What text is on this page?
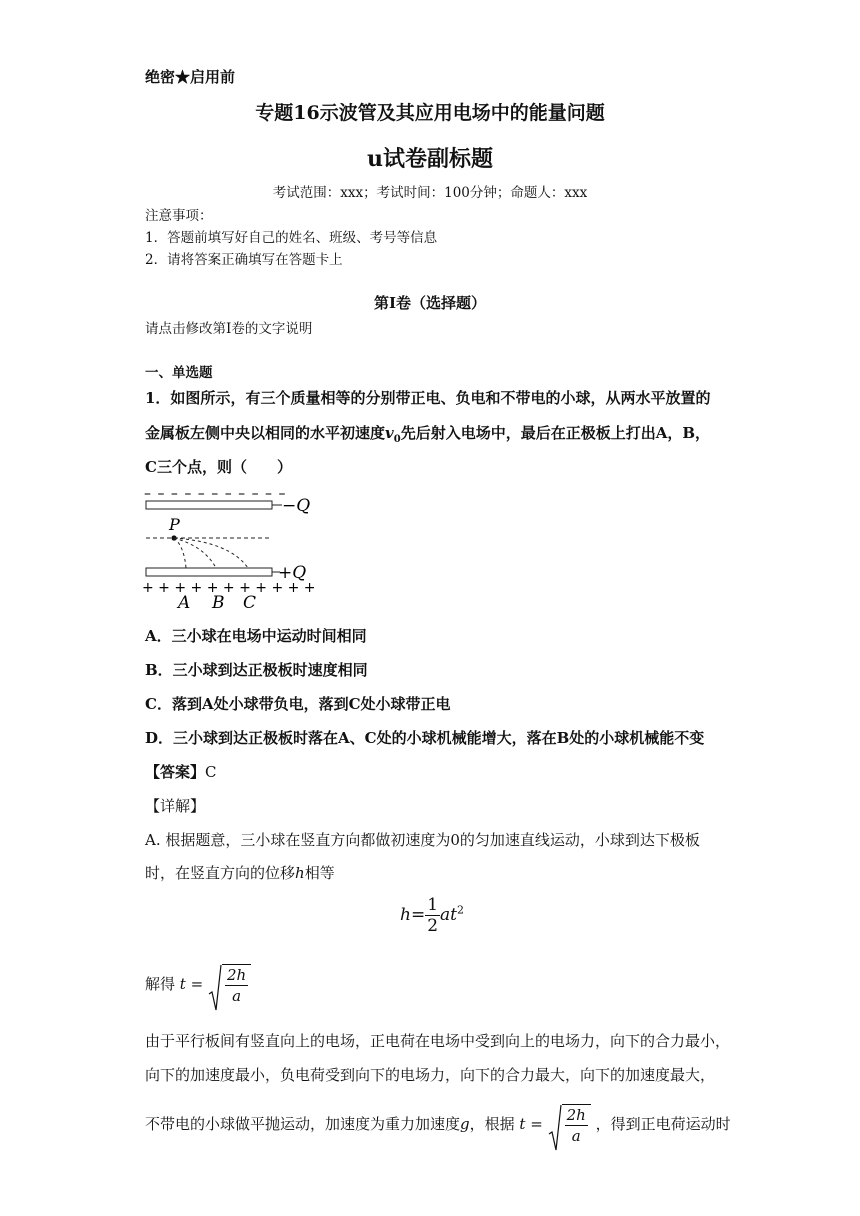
绝密★启用前
专题16示波管及其应用电场中的能量问题
u试卷副标题
考试范围：xxx；考试时间：100分钟；命题人：xxx
注意事项：
1．答题前填写好自己的姓名、班级、考号等信息
2．请将答案正确填写在答题卡上
第I卷（选择题）
请点击修改第I卷的文字说明
一、单选题
1．如图所示，有三个质量相等的分别带正电、负电和不带电的小球，从两水平放置的
金属板左侧中央以相同的水平初速度$v_0$先后射入电场中，最后在正极板上打出A，B，
C三个点，则（　　）
– – – – – – – – – – –
−Q
P
+Q
+ + + + + + + + + + +
A B C
A．三小球在电场中运动时间相同
B．三小球到达正极板时速度相同
C．落到A处小球带负电，落到C处小球带正电
D．三小球到达正极板时落在A、C处的小球机械能增大，落在B处的小球机械能不变
【答案】C
【详解】
A. 根据题意，三小球在竖直方向都做初速度为0的匀加速直线运动，小球到达下极板
时，在竖直方向的位移h相等
$h= \frac{1}{2} at^2$
解得 $t = \frac{2h}{a}$
由于平行板间有竖直向上的电场，正电荷在电场中受到向上的电场力，向下的合力最小，
向下的加速度最小，负电荷受到向下的电场力，向下的合力最大，向下的加速度最大，
不带电的小球做平抛运动，加速度为重力加速度g，根据 $t = \frac{2h}{a}$ ，得到正电荷运动时
